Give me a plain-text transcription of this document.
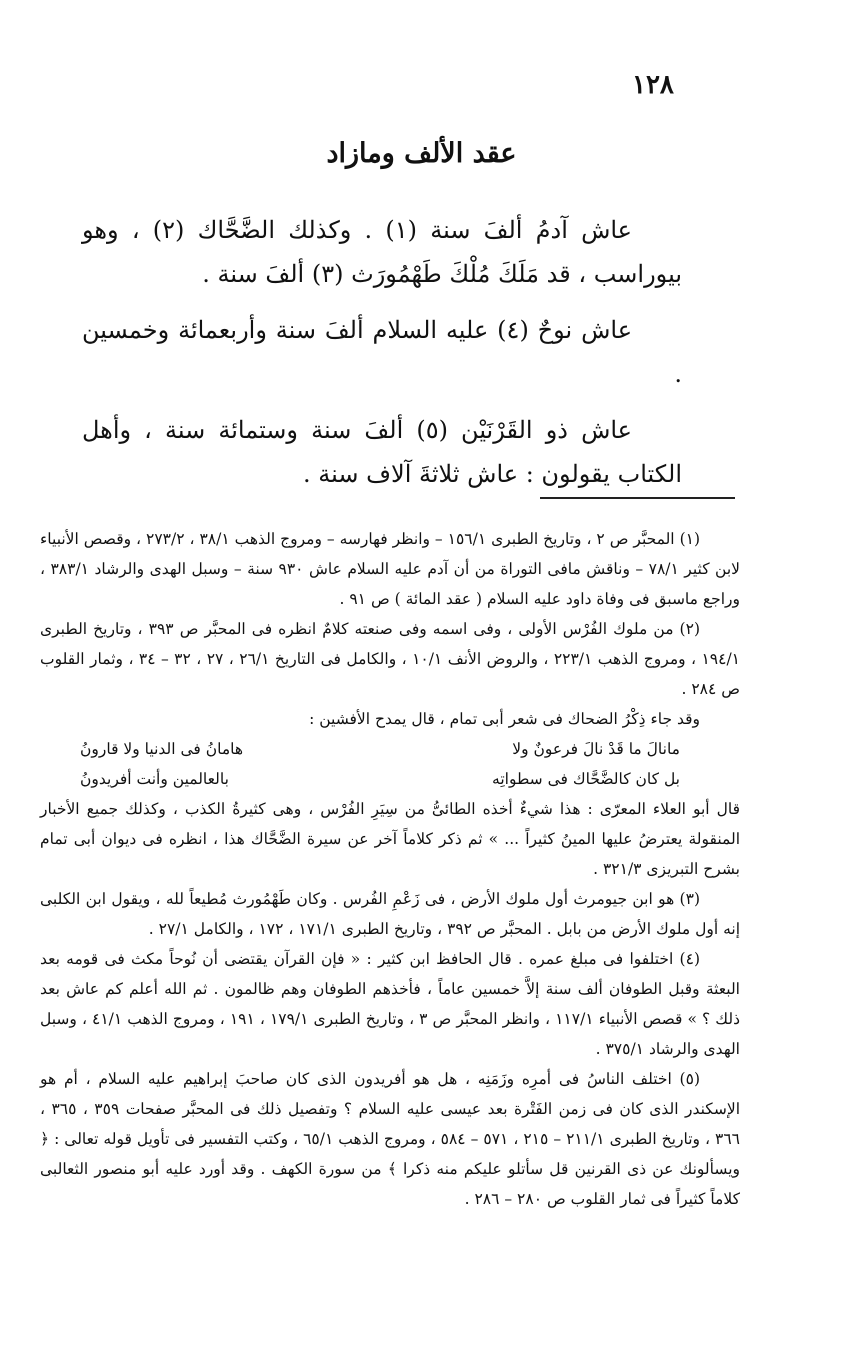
١٢٨
عقد الألف ومازاد

عاش آدمُ ألفَ سنة (١) . وكذلك الضَّحَّاك (٢) ، وهو بيوراسب ، قد مَلَكَ مُلْكَ طَهْمُورَث (٣) ألفَ سنة .

عاش نوحٌ (٤) عليه السلام ألفَ سنة وأربعمائة وخمسين .

عاش ذو القَرْنَيْن (٥) ألفَ سنة وستمائة سنة ، وأهل الكتاب يقولون : عاش ثلاثةَ آلاف سنة .

(١) المحبَّر ص ٢ ، وتاريخ الطبرى ١٥٦/١ – وانظر فهارسه – ومروج الذهب ٣٨/١ ، ٢٧٣/٢ ، وقصص الأنبياء لابن كثير ٧٨/١ – وناقش مافى التوراة من أن آدم عليه السلام عاش ٩٣٠ سنة – وسبل الهدى والرشاد ٣٨٣/١ ، وراجع ماسبق فى وفاة داود عليه السلام ( عقد المائة ) ص ٩١ .

(٢) من ملوك الفُرْس الأولى ، وفى اسمه وفى صنعته كلامٌ انظره فى المحبَّر ص ٣٩٣ ، وتاريخ الطبرى ١٩٤/١ ، ومروج الذهب ٢٢٣/١ ، والروض الأنف ١٠/١ ، والكامل فى التاريخ ٢٦/١ ، ٢٧ ، ٣٢ – ٣٤ ، وثمار القلوب ص ٢٨٤ .

وقد جاء ذِكْرُ الضحاك فى شعر أبى تمام ، قال يمدح الأفشين :

مانالَ ما قَدْ نالَ فرعونٌ ولا
هامانُ فى الدنيا ولا قارونُ
بل كان كالضَّحَّاك فى سطواتِه
بالعالمين وأنت أفريدونُ

قال أبو العلاء المعرّى : هذا شيءٌ أخذه الطائىُّ من سِيَرِ الفُرْس ، وهى كثيرةُ الكذب ، وكذلك جميع الأخبار المنقولة يعترضُ عليها المينُ كثيراً ... » ثم ذكر كلاماً آخر عن سيرة الضَّحَّاك هذا ، انظره فى ديوان أبى تمام بشرح التبريزى ٣٢١/٣ .

(٣) هو ابن جيومرث أول ملوك الأرض ، فى زَعْمِ الفُرس . وكان طَهْمُورث مُطيعاً لله ، ويقول ابن الكلبى إنه أول ملوك الأرض من بابل . المحبَّر ص ٣٩٢ ، وتاريخ الطبرى ١٧١/١ ، ١٧٢ ، والكامل ٢٧/١ .

(٤) اختلفوا فى مبلغ عمره . قال الحافظ ابن كثير : « فإن القرآن يقتضى أن نُوحاً مكث فى قومه بعد البعثة وقبل الطوفان ألف سنة إلاَّ خمسين عاماً ، فأخذهم الطوفان وهم ظالمون . ثم الله أعلم كم عاش بعد ذلك ؟ » قصص الأنبياء ١١٧/١ ، وانظر المحبَّر ص ٣ ، وتاريخ الطبرى ١٧٩/١ ، ١٩١ ، ومروج الذهب ٤١/١ ، وسبل الهدى والرشاد ٣٧٥/١ .

(٥) اختلف الناسُ فى أمرِه وزَمَنِه ، هل هو أفريدون الذى كان صاحبَ إبراهيم عليه السلام ، أم هو الإسكندر الذى كان فى زمن الفَتْرة بعد عيسى عليه السلام ؟ وتفصيل ذلك فى المحبَّر صفحات ٣٥٩ ، ٣٦٥ ، ٣٦٦ ، وتاريخ الطبرى ٢١١/١ – ٢١٥ ، ٥٧١ – ٥٨٤ ، ومروج الذهب ٦٥/١ ، وكتب التفسير فى تأويل قوله تعالى : ﴿ ويسألونك عن ذى القرنين قل سأتلو عليكم منه ذكرا ﴾ من سورة الكهف . وقد أورد عليه أبو منصور الثعالبى كلاماً كثيراً فى ثمار القلوب ص ٢٨٠ – ٢٨٦ .
